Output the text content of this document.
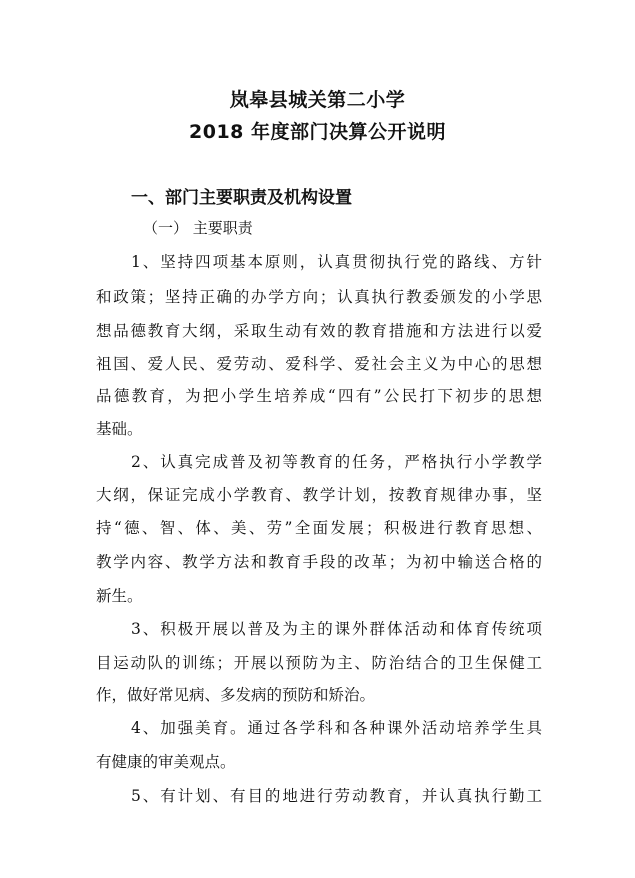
岚皋县城关第二小学
2018 年度部门决算公开说明
一、部门主要职责及机构设置
（一） 主要职责
1、坚持四项基本原则，认真贯彻执行党的路线、方针
和政策；坚持正确的办学方向；认真执行教委颁发的小学思
想品德教育大纲，采取生动有效的教育措施和方法进行以爱
祖国、爱人民、爱劳动、爱科学、爱社会主义为中心的思想
品德教育，为把小学生培养成“四有”公民打下初步的思想
基础。
2、认真完成普及初等教育的任务，严格执行小学教学
大纲，保证完成小学教育、教学计划，按教育规律办事，坚
持“德、智、体、美、劳”全面发展；积极进行教育思想、
教学内容、教学方法和教育手段的改革；为初中输送合格的
新生。
3、积极开展以普及为主的课外群体活动和体育传统项
目运动队的训练；开展以预防为主、防治结合的卫生保健工
作，做好常见病、多发病的预防和矫治。
4、加强美育。通过各学科和各种课外活动培养学生具
有健康的审美观点。
5、有计划、有目的地进行劳动教育，并认真执行勤工
